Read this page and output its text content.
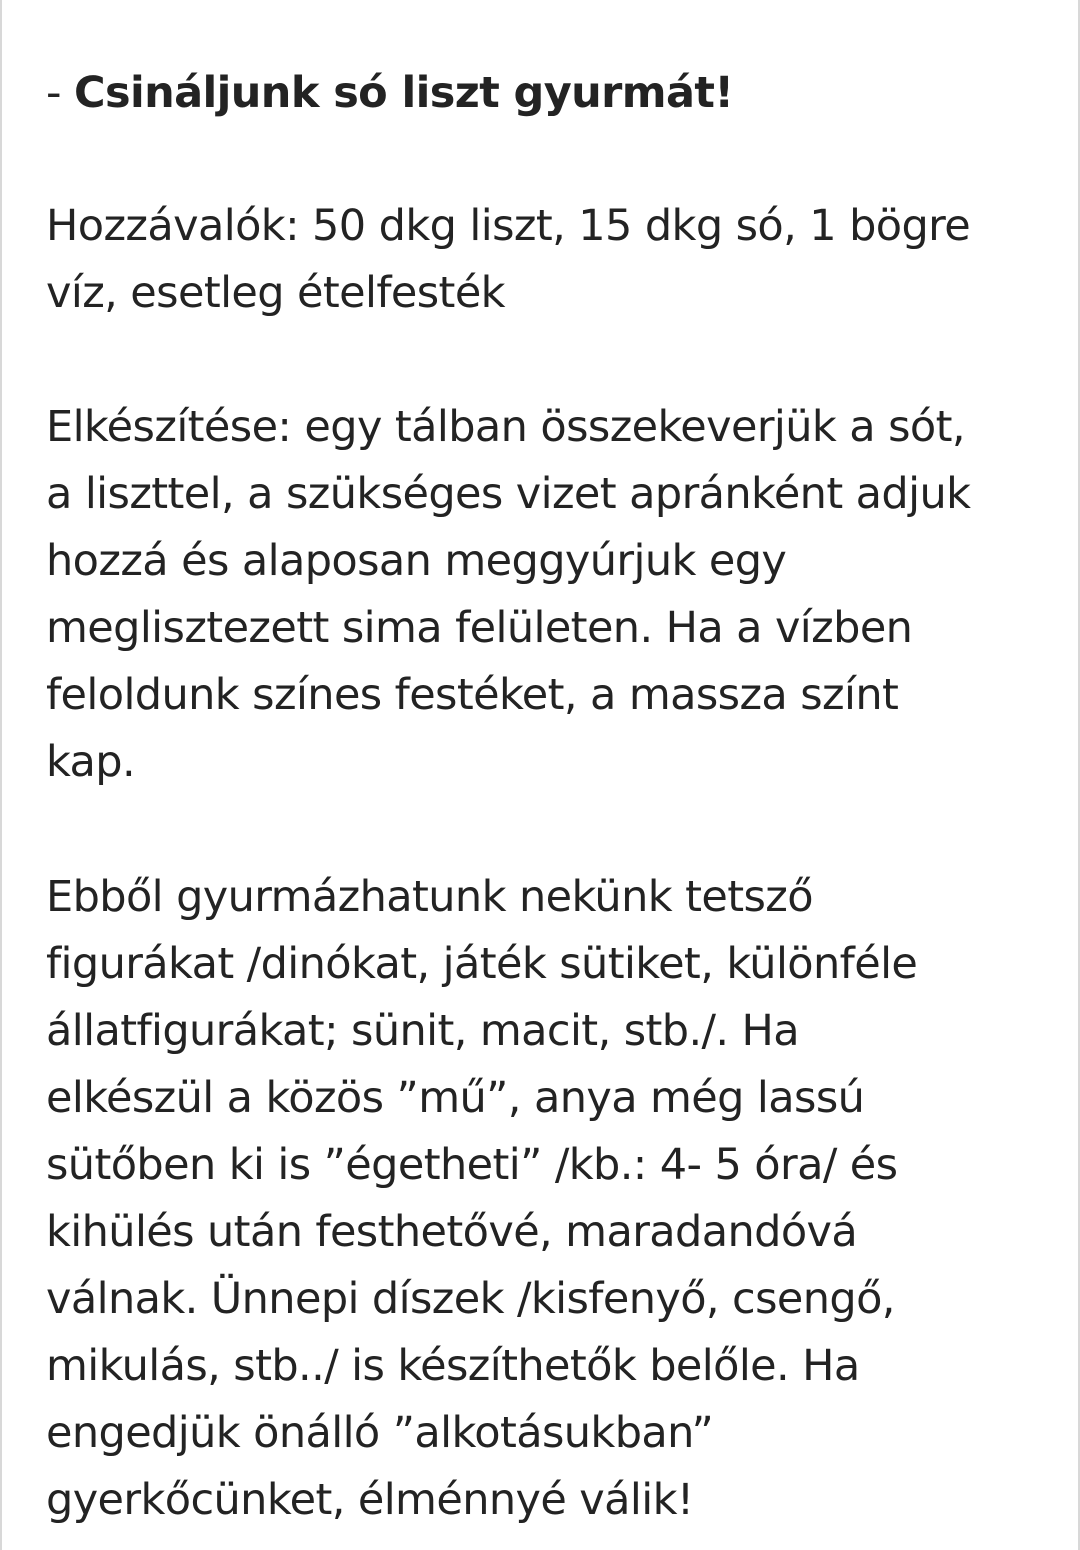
- Csináljunk só liszt gyurmát!

Hozzávalók: 50 dkg liszt, 15 dkg só, 1 bögre
víz, esetleg ételfesték
Elkészítése: egy tálban összekeverjük a sót,
a liszttel, a szükséges vizet apránként adjuk
hozzá és alaposan meggyúrjuk egy
meglisztezett sima felületen. Ha a vízben
feloldunk színes festéket, a massza színt
kap.
Ebből gyurmázhatunk nekünk tetsző
figurákat /dinókat, játék sütiket, különféle
állatfigurákat; sünit, macit, stb./. Ha
elkészül a közös ”mű”, anya még lassú
sütőben ki is ”égetheti” /kb.: 4- 5 óra/ és
kihülés után festhetővé, maradandóvá
válnak. Ünnepi díszek /kisfenyő, csengő,
mikulás, stb../ is készíthetők belőle. Ha
engedjük önálló ”alkotásukban”
gyerkőcünket, élménnyé válik!
